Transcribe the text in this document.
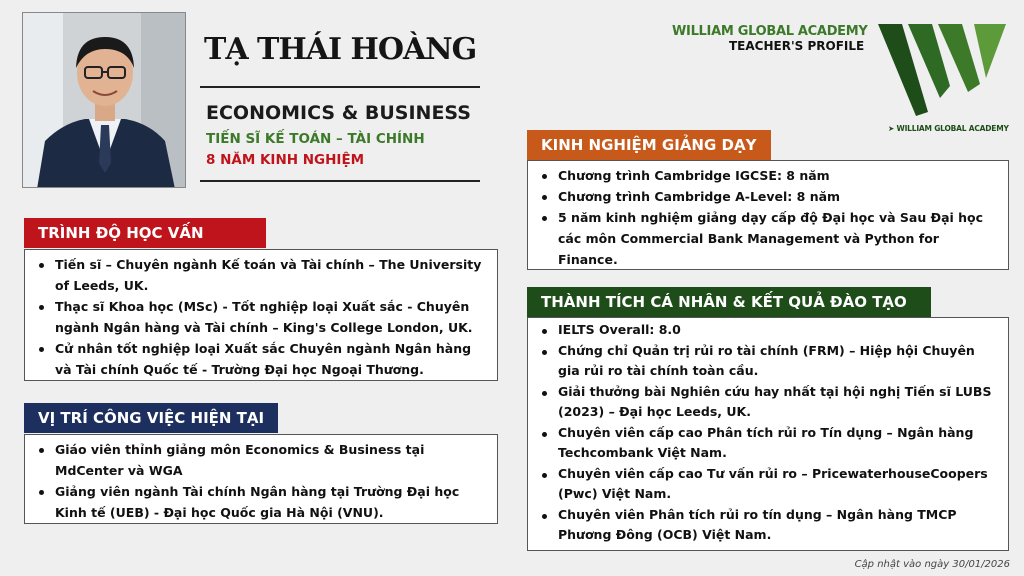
TẠ THÁI HOÀNG
ECONOMICS & BUSINESS
TIẾN SĨ KẾ TOÁN – TÀI CHÍNH
8 NĂM KINH NGHIỆM
WILLIAM GLOBAL ACADEMY
TEACHER'S PROFILE
➤ WILLIAM GLOBAL ACADEMY
TRÌNH ĐỘ HỌC VẤN
Tiến sĩ – Chuyên ngành Kế toán và Tài chính – The University of Leeds, UK.
Thạc sĩ Khoa học (MSc) - Tốt nghiệp loại Xuất sắc - Chuyên ngành Ngân hàng và Tài chính – King's College London, UK.
Cử nhân tốt nghiệp loại Xuất sắc Chuyên ngành Ngân hàng và Tài chính Quốc tế - Trường Đại học Ngoại Thương.
VỊ TRÍ CÔNG VIỆC HIỆN TẠI
Giáo viên thỉnh giảng môn Economics & Business tại MdCenter và WGA
Giảng viên ngành Tài chính Ngân hàng tại Trường Đại học Kinh tế (UEB) - Đại học Quốc gia Hà Nội (VNU).
KINH NGHIỆM GIẢNG DẠY
Chương trình Cambridge IGCSE: 8 năm
Chương trình Cambridge A-Level: 8 năm
5 năm kinh nghiệm giảng dạy cấp độ Đại học và Sau Đại học các môn Commercial Bank Management và Python for Finance.
THÀNH TÍCH CÁ NHÂN & KẾT QUẢ ĐÀO TẠO
IELTS Overall: 8.0
Chứng chỉ Quản trị rủi ro tài chính (FRM) – Hiệp hội Chuyên gia rủi ro tài chính toàn cầu.
Giải thưởng bài Nghiên cứu hay nhất tại hội nghị Tiến sĩ LUBS (2023) – Đại học Leeds, UK.
Chuyên viên cấp cao Phân tích rủi ro Tín dụng – Ngân hàng Techcombank Việt Nam.
Chuyên viên cấp cao Tư vấn rủi ro – PricewaterhouseCoopers (Pwc) Việt Nam.
Chuyên viên Phân tích rủi ro tín dụng – Ngân hàng TMCP Phương Đông (OCB) Việt Nam.
Cập nhật vào ngày 30/01/2026
